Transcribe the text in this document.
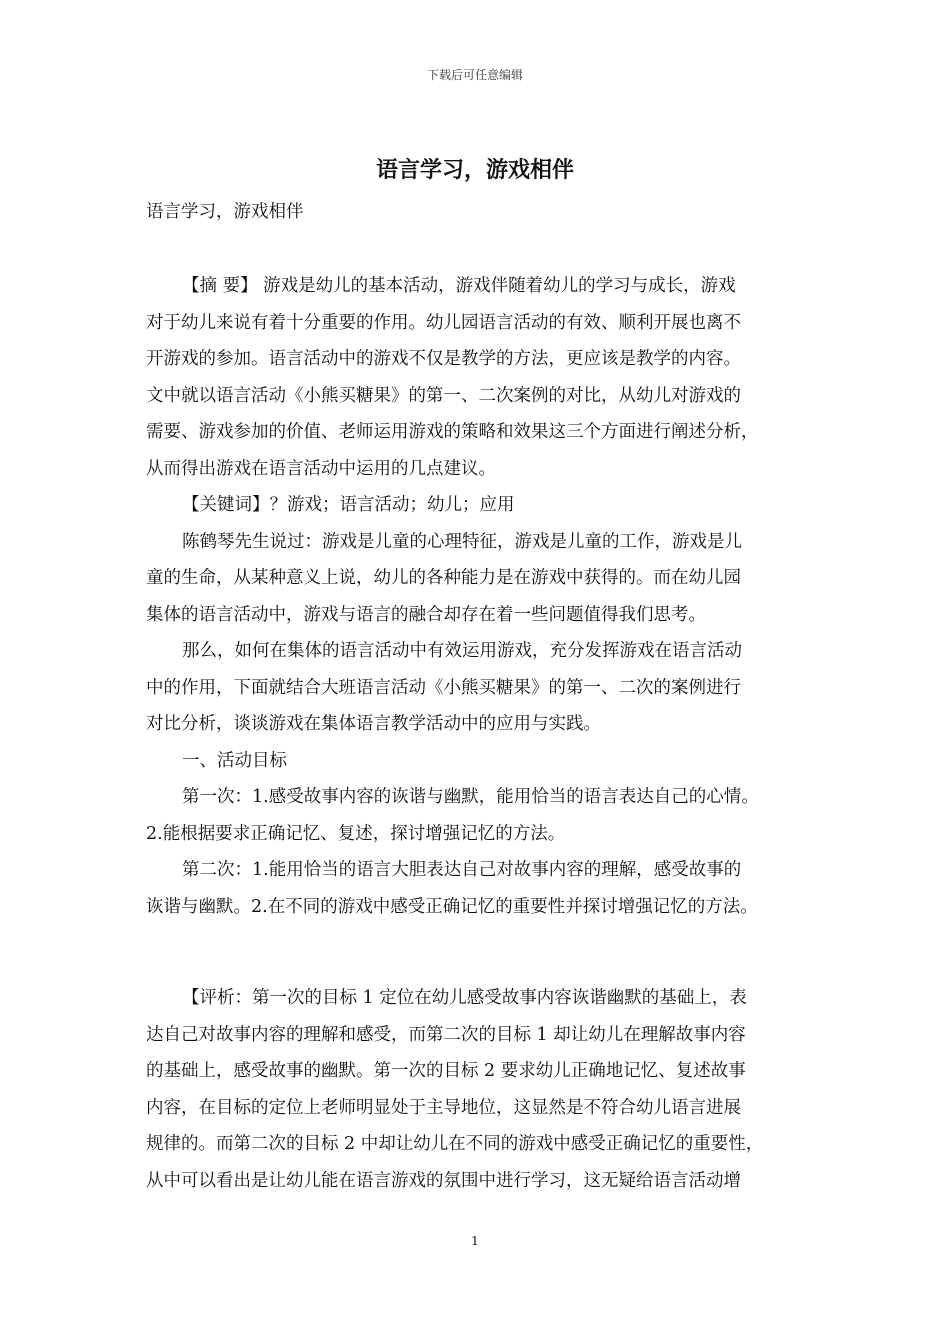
下载后可任意编辑
语言学习，游戏相伴
语言学习，游戏相伴
【摘 要】 游戏是幼儿的基本活动，游戏伴随着幼儿的学习与成长，游戏
对于幼儿来说有着十分重要的作用。幼儿园语言活动的有效、顺利开展也离不
开游戏的参加。语言活动中的游戏不仅是教学的方法，更应该是教学的内容。
文中就以语言活动《小熊买糖果》的第一、二次案例的对比，从幼儿对游戏的
需要、游戏参加的价值、老师运用游戏的策略和效果这三个方面进行阐述分析，
从而得出游戏在语言活动中运用的几点建议。
【关键词】？游戏；语言活动；幼儿；应用
陈鹤琴先生说过：游戏是儿童的心理特征，游戏是儿童的工作，游戏是儿
童的生命，从某种意义上说，幼儿的各种能力是在游戏中获得的。而在幼儿园
集体的语言活动中，游戏与语言的融合却存在着一些问题值得我们思考。
那么，如何在集体的语言活动中有效运用游戏，充分发挥游戏在语言活动
中的作用，下面就结合大班语言活动《小熊买糖果》的第一、二次的案例进行
对比分析，谈谈游戏在集体语言教学活动中的应用与实践。
一、活动目标
第一次：1.感受故事内容的诙谐与幽默，能用恰当的语言表达自己的心情。
2.能根据要求正确记忆、复述，探讨增强记忆的方法。
第二次：1.能用恰当的语言大胆表达自己对故事内容的理解，感受故事的
诙谐与幽默。2.在不同的游戏中感受正确记忆的重要性并探讨增强记忆的方法。
【评析：第一次的目标 1 定位在幼儿感受故事内容诙谐幽默的基础上，表
达自己对故事内容的理解和感受，而第二次的目标 1 却让幼儿在理解故事内容
的基础上，感受故事的幽默。第一次的目标 2 要求幼儿正确地记忆、复述故事
内容，在目标的定位上老师明显处于主导地位，这显然是不符合幼儿语言进展
规律的。而第二次的目标 2 中却让幼儿在不同的游戏中感受正确记忆的重要性，
从中可以看出是让幼儿能在语言游戏的氛围中进行学习，这无疑给语言活动增
1
